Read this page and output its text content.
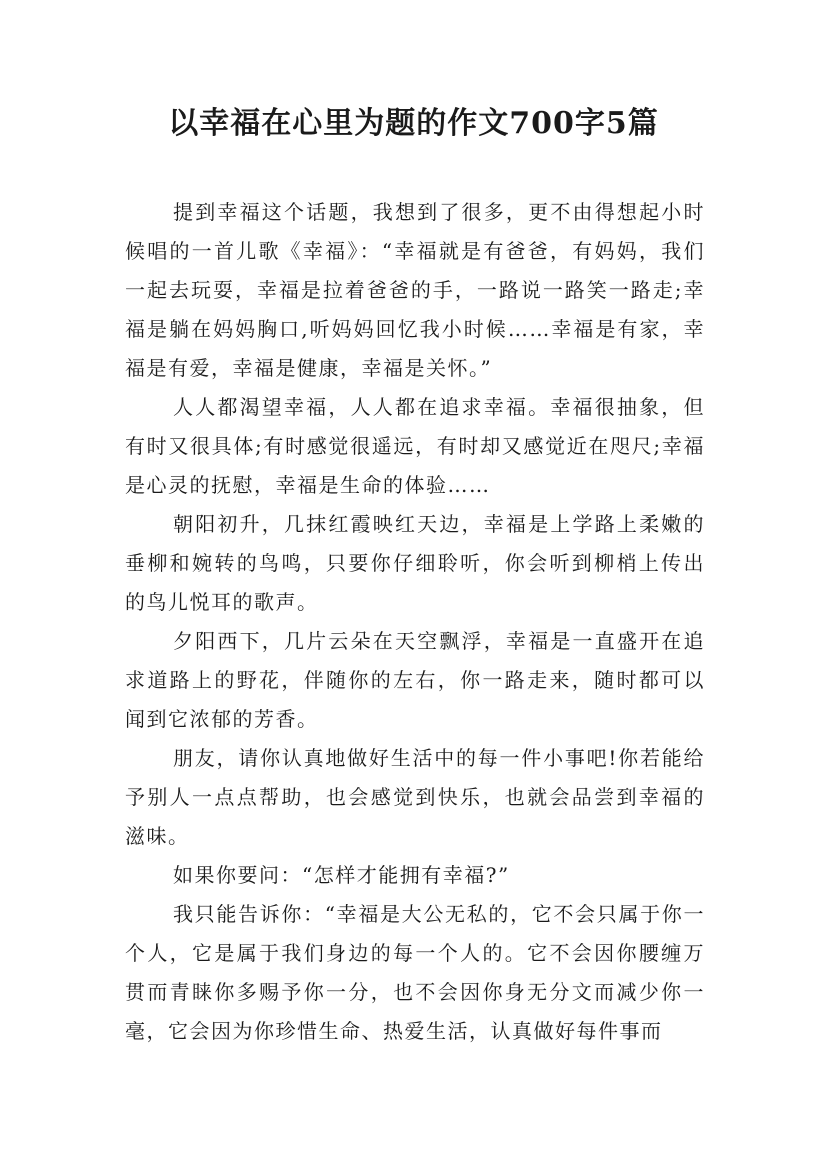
以幸福在心里为题的作文700字5篇

提到幸福这个话题，我想到了很多，更不由得想起小时候唱的一首儿歌《幸福》：“幸福就是有爸爸，有妈妈，我们一起去玩耍，幸福是拉着爸爸的手，一路说一路笑一路走;幸福是躺在妈妈胸口,听妈妈回忆我小时候……幸福是有家，幸福是有爱，幸福是健康，幸福是关怀。”

人人都渴望幸福，人人都在追求幸福。幸福很抽象，但有时又很具体;有时感觉很遥远，有时却又感觉近在咫尺;幸福是心灵的抚慰，幸福是生命的体验……

朝阳初升，几抹红霞映红天边，幸福是上学路上柔嫩的垂柳和婉转的鸟鸣，只要你仔细聆听，你会听到柳梢上传出的鸟儿悦耳的歌声。

夕阳西下，几片云朵在天空飘浮，幸福是一直盛开在追求道路上的野花，伴随你的左右，你一路走来，随时都可以闻到它浓郁的芳香。

朋友，请你认真地做好生活中的每一件小事吧!你若能给予别人一点点帮助，也会感觉到快乐，也就会品尝到幸福的滋味。

如果你要问：“怎样才能拥有幸福?”

我只能告诉你：“幸福是大公无私的，它不会只属于你一个人，它是属于我们身边的每一个人的。它不会因你腰缠万贯而青睐你多赐予你一分，也不会因你身无分文而减少你一毫，它会因为你珍惜生命、热爱生活，认真做好每件事而
